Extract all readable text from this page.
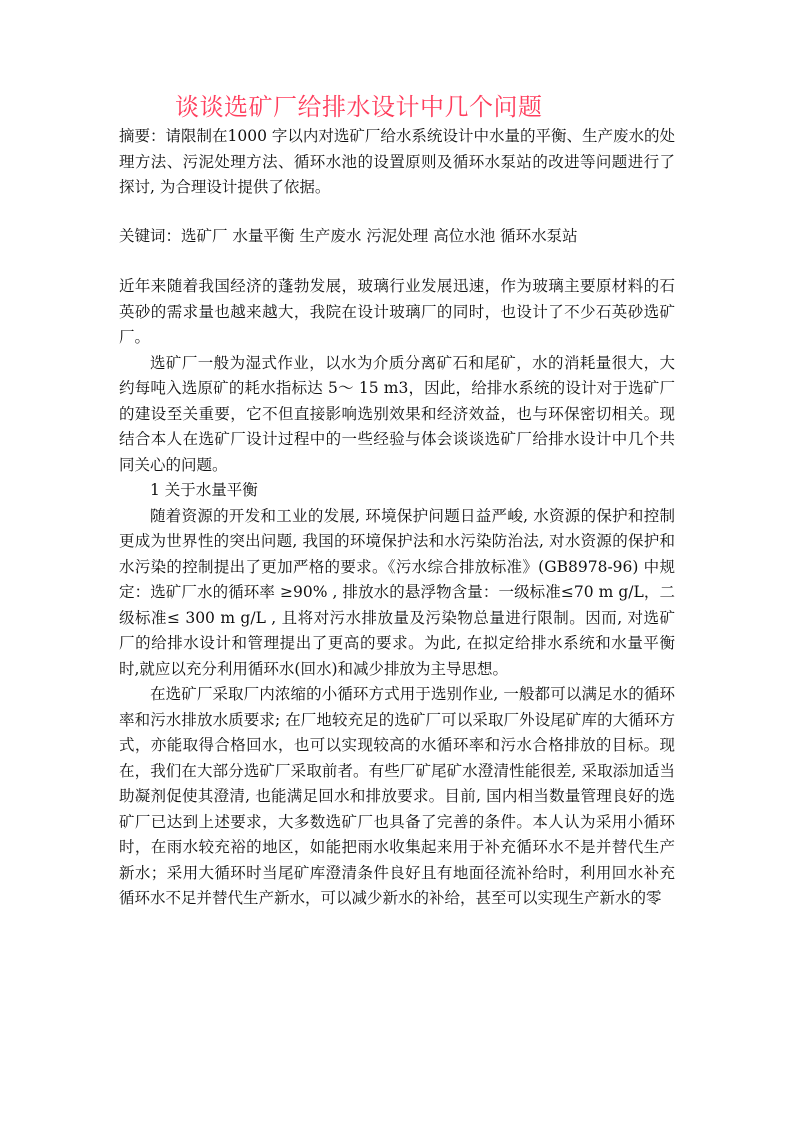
谈谈选矿厂给排水设计中几个问题

摘要：请限制在1000 字以内对选矿厂给水系统设计中水量的平衡、生产废水的处理方法、污泥处理方法、循环水池的设置原则及循环水泵站的改进等问题进行了探讨, 为合理设计提供了依据。

关键词：选矿厂 水量平衡 生产废水 污泥处理 高位水池 循环水泵站

近年来随着我国经济的蓬勃发展，玻璃行业发展迅速，作为玻璃主要原材料的石英砂的需求量也越来越大，我院在设计玻璃厂的同时，也设计了不少石英砂选矿厂。

选矿厂一般为湿式作业，以水为介质分离矿石和尾矿，水的消耗量很大，大约每吨入选原矿的耗水指标达 5～ 15 m3，因此，给排水系统的设计对于选矿厂的建设至关重要，它不但直接影响选别效果和经济效益，也与环保密切相关。现结合本人在选矿厂设计过程中的一些经验与体会谈谈选矿厂给排水设计中几个共同关心的问题。

1 关于水量平衡

随着资源的开发和工业的发展, 环境保护问题日益严峻, 水资源的保护和控制更成为世界性的突出问题, 我国的环境保护法和水污染防治法, 对水资源的保护和水污染的控制提出了更加严格的要求。《污水综合排放标准》(GB8978-96) 中规定：选矿厂水的循环率 ≥90% , 排放水的悬浮物含量：一级标准≤70 m g/L，二级标准≤ 300 m g/L , 且将对污水排放量及污染物总量进行限制。因而, 对选矿厂的给排水设计和管理提出了更高的要求。为此, 在拟定给排水系统和水量平衡时,就应以充分利用循环水(回水)和减少排放为主导思想。

在选矿厂采取厂内浓缩的小循环方式用于选别作业, 一般都可以满足水的循环率和污水排放水质要求; 在厂地较充足的选矿厂可以采取厂外设尾矿库的大循环方式，亦能取得合格回水，也可以实现较高的水循环率和污水合格排放的目标。现在，我们在大部分选矿厂采取前者。有些厂矿尾矿水澄清性能很差, 采取添加适当助凝剂促使其澄清, 也能满足回水和排放要求。目前, 国内相当数量管理良好的选矿厂已达到上述要求，大多数选矿厂也具备了完善的条件。本人认为采用小循环时，在雨水较充裕的地区，如能把雨水收集起来用于补充循环水不是并替代生产新水；采用大循环时当尾矿库澄清条件良好且有地面径流补给时，利用回水补充循环水不足并替代生产新水，可以减少新水的补给，甚至可以实现生产新水的零
